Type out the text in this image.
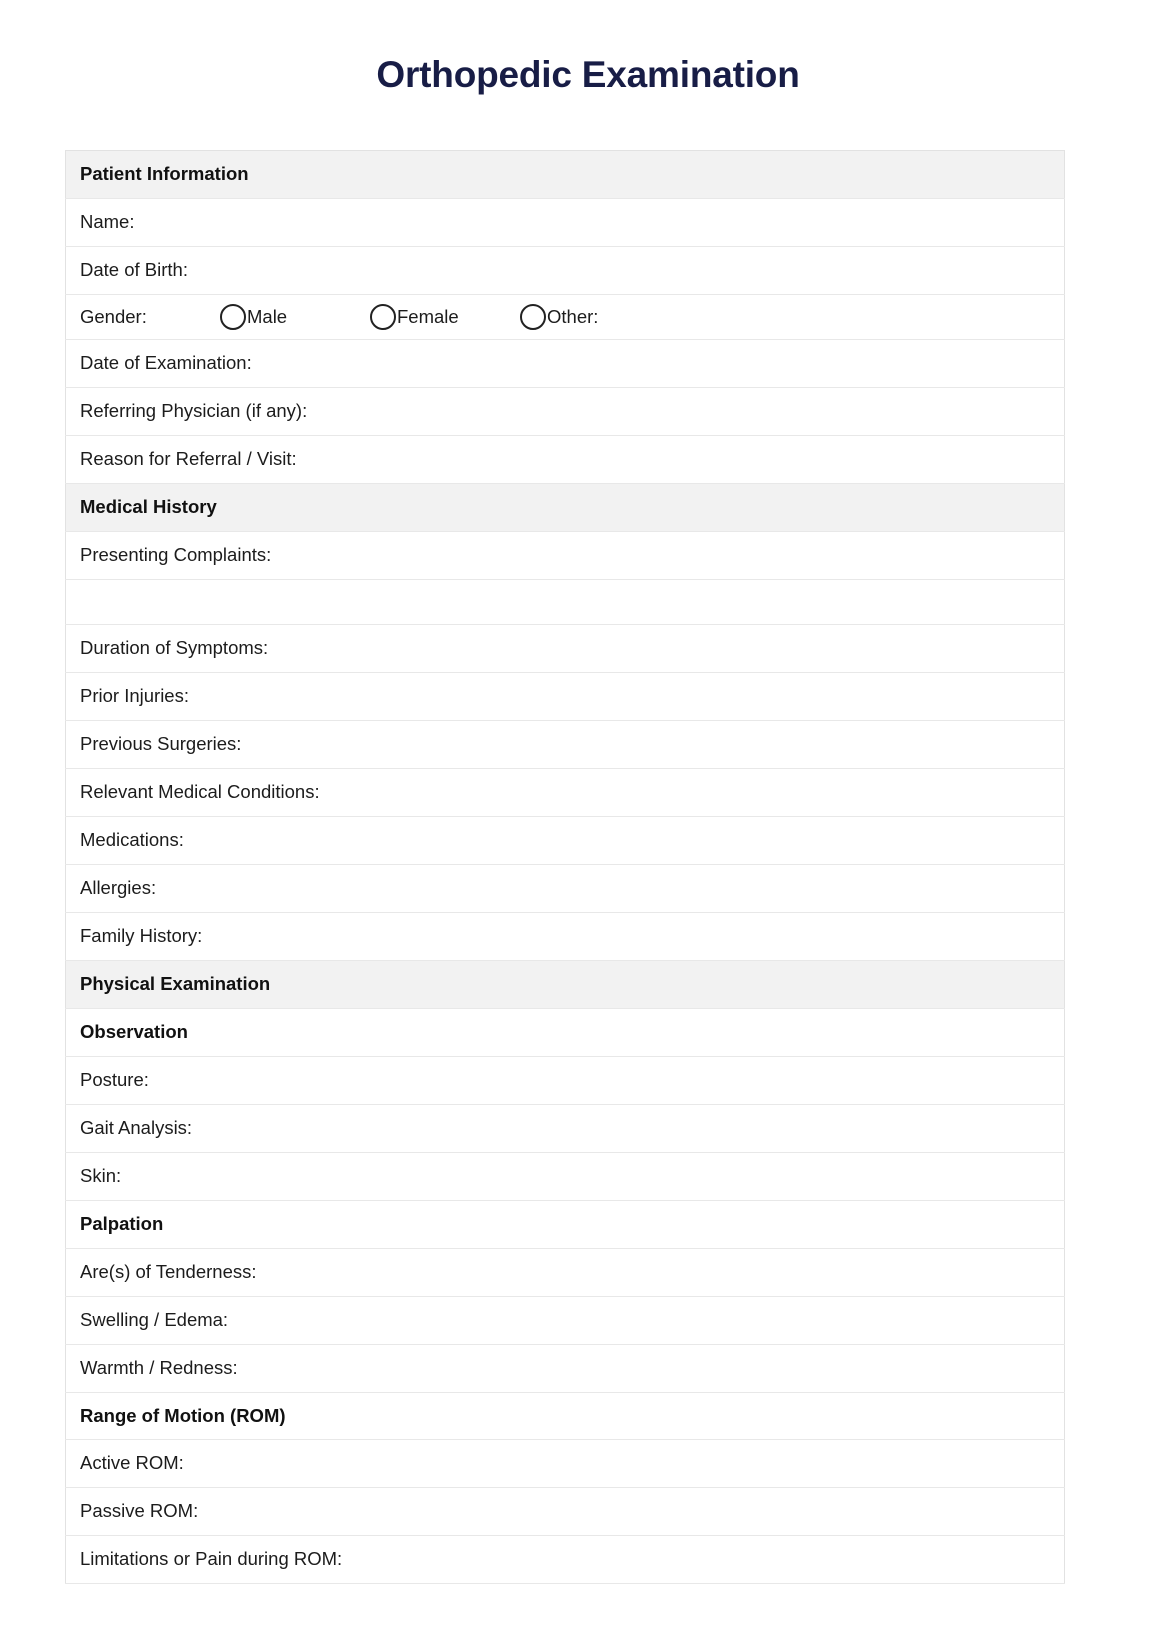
Orthopedic Examination
Patient Information
Name:
Date of Birth:

Gender:	Male	Female	Other:

Date of Examination:
Referring Physician (if any):
Reason for Referral / Visit:
Medical History
Presenting Complaints:

Duration of Symptoms:
Prior Injuries:
Previous Surgeries:
Relevant Medical Conditions:
Medications:
Allergies:
Family History:
Physical Examination
Observation
Posture:
Gait Analysis:
Skin:
Palpation
Are(s) of Tenderness:
Swelling / Edema:
Warmth / Redness:
Range of Motion (ROM)
Active ROM:
Passive ROM:
Limitations or Pain during ROM:
